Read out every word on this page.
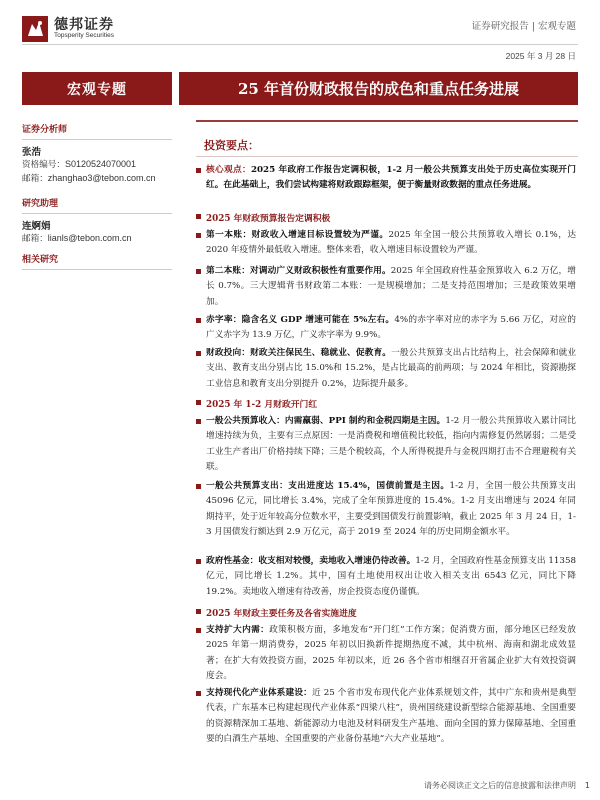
德邦证券
Topsperity Securities
证券研究报告 | 宏观专题
2025 年 3 月 28 日
宏观专题	25 年首份财政报告的成色和重点任务进展
证券分析师
张浩
资格编号：S0120524070001
邮箱：zhanghao3@tebon.com.cn
研究助理
连婀娟
邮箱：lianls@tebon.com.cn
相关研究
投资要点：
核心观点：2025 年政府工作报告定调积极，1-2 月一般公共预算支出处于历史高位实现开门红。在此基础上，我们尝试构建将财政跟踪框架，便于衡量财政数据的重点任务进展。
2025 年财政预算报告定调积极
第一本账：财政收入增速目标设置较为严谨。2025 年全国一般公共预算收入增长 0.1%，达 2020 年疫情外最低收入增速。整体来看，收入增速目标设置较为严谨。
第二本账：对调动广义财政积极性有重要作用。2025 年全国政府性基金预算收入 6.2 万亿，增长 0.7%。三大逻辑背书财政第二本账：一是规模增加；二是支持范围增加；三是政策效果增加。
赤字率：隐含名义 GDP 增速可能在 5%左右。4%的赤字率对应的赤字为 5.66 万亿，对应的广义赤字为 13.9 万亿，广义赤字率为 9.9%。
财政投向：财政关注保民生、稳就业、促教育。一般公共预算支出占比结构上，社会保障和就业支出、教育支出分别占比 15.0%和 15.2%，是占比最高的前两项；与 2024 年相比，资源勘探工业信息和教育支出分别提升 0.2%，边际提升最多。
2025 年 1-2 月财政开门红
一般公共预算收入：内需羸弱、PPI 制约和金税四期是主因。1-2 月一般公共预算收入累计同比增速持续为负，主要有三点原因：一是消费税和增值税比较低，指向内需修复仍然孱弱；二是受工业生产者出厂价格持续下降；三是个税较高，个人所得税提升与金税四期打击不合理避税有关联。
一般公共预算支出：支出进度达 15.4%，国债前置是主因。1-2 月，全国一般公共预算支出 45096 亿元，同比增长 3.4%，完成了全年预算进度的 15.4%。1-2 月支出增速与 2024 年同期持平，处于近年较高分位数水平，主要受到国债发行前置影响，截止 2025 年 3 月 24 日，1-3 月国债发行额达到 2.9 万亿元，高于 2019 至 2024 年的历史同期金额水平。
政府性基金：收支相对较慢，卖地收入增速仍待改善。1-2 月，全国政府性基金预算支出 11358 亿元，同比增长 1.2%。其中，国有土地使用权出让收入相关支出 6543 亿元，同比下降 19.2%。卖地收入增速有待改善，房企投资态度仍谨慎。
2025 年财政主要任务及各省实施进度
支持扩大内需：政策积极方面，多地发布“开门红”工作方案；促消费方面，部分地区已经发放 2025 年第一期消费券，2025 年初以旧换新件提期热度不减，其中杭州、海南和湖北成效显著；在扩大有效投资方面，2025 年初以来，近 26 各个省市相继召开省属企业扩大有效投资调度会。
支持现代化产业体系建设：近 25 个省市发布现代化产业体系规划文件，其中广东和贵州是典型代表，广东基本已构建起现代产业体系“四梁八柱”，贵州国绕建设新型综合能源基地、全国重要的资源精深加工基地、新能源动力电池及材料研发生产基地、面向全国的算力保障基地、全国重要的白酒生产基地、全国重要的产业备份基地“六大产业基地”。
请务必阅读正文之后的信息披露和法律声明 1
